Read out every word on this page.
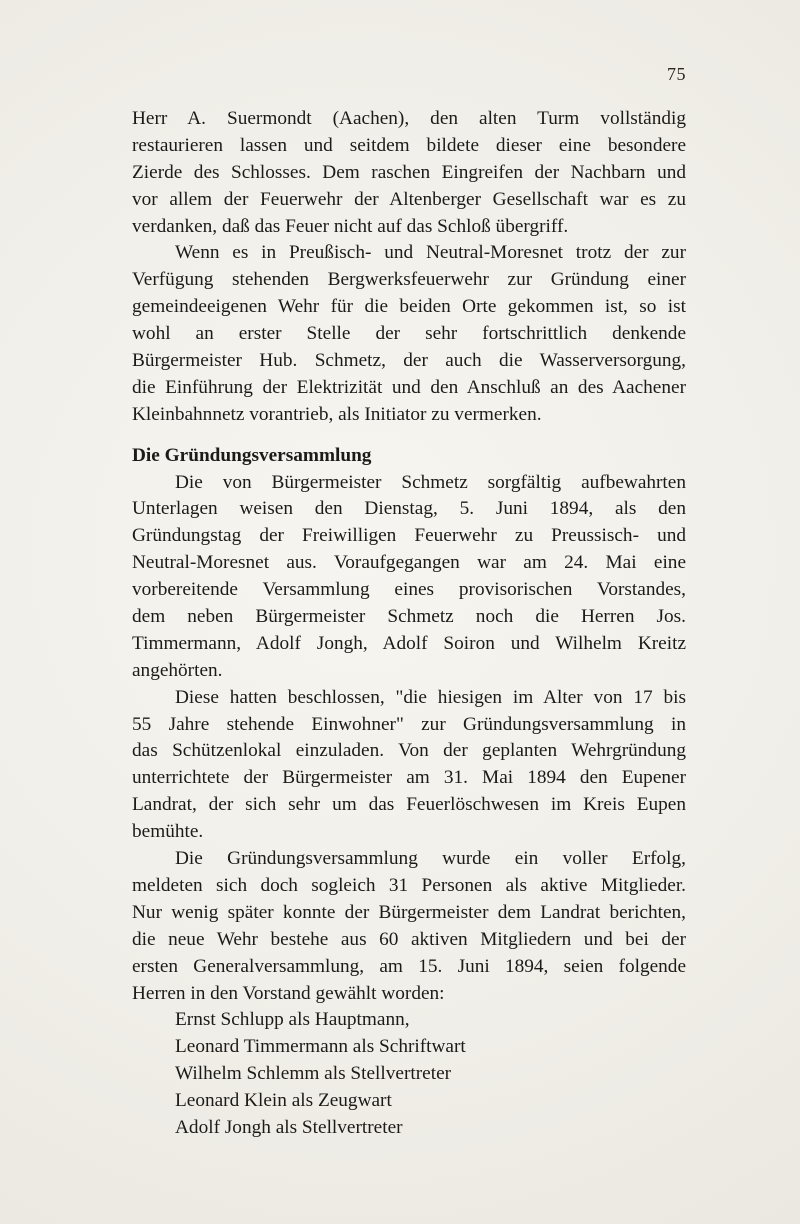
75
Herr A. Suermondt (Aachen), den alten Turm vollständig
restaurieren lassen und seitdem bildete dieser eine besondere
Zierde des Schlosses. Dem raschen Eingreifen der Nachbarn und
vor allem der Feuerwehr der Altenberger Gesellschaft war es zu
verdanken, daß das Feuer nicht auf das Schloß übergriff.
Wenn es in Preußisch- und Neutral-Moresnet trotz der zur
Verfügung stehenden Bergwerksfeuerwehr zur Gründung einer
gemeindeeigenen Wehr für die beiden Orte gekommen ist, so ist
wohl an erster Stelle der sehr fortschrittlich denkende
Bürgermeister Hub. Schmetz, der auch die Wasserversorgung,
die Einführung der Elektrizität und den Anschluß an des Aachener
Kleinbahnnetz vorantrieb, als Initiator zu vermerken.
Die Gründungsversammlung
Die von Bürgermeister Schmetz sorgfältig aufbewahrten
Unterlagen weisen den Dienstag, 5. Juni 1894, als den
Gründungstag der Freiwilligen Feuerwehr zu Preussisch- und
Neutral-Moresnet aus. Voraufgegangen war am 24. Mai eine
vorbereitende Versammlung eines provisorischen Vorstandes,
dem neben Bürgermeister Schmetz noch die Herren Jos.
Timmermann, Adolf Jongh, Adolf Soiron und Wilhelm Kreitz
angehörten.
Diese hatten beschlossen, "die hiesigen im Alter von 17 bis
55 Jahre stehende Einwohner" zur Gründungsversammlung in
das Schützenlokal einzuladen. Von der geplanten Wehrgründung
unterrichtete der Bürgermeister am 31. Mai 1894 den Eupener
Landrat, der sich sehr um das Feuerlöschwesen im Kreis Eupen
bemühte.
Die Gründungsversammlung wurde ein voller Erfolg,
meldeten sich doch sogleich 31 Personen als aktive Mitglieder.
Nur wenig später konnte der Bürgermeister dem Landrat berichten,
die neue Wehr bestehe aus 60 aktiven Mitgliedern und bei der
ersten Generalversammlung, am 15. Juni 1894, seien folgende
Herren in den Vorstand gewählt worden:
Ernst Schlupp als Hauptmann,
Leonard Timmermann als Schriftwart
Wilhelm Schlemm als Stellvertreter
Leonard Klein als Zeugwart
Adolf Jongh als Stellvertreter
